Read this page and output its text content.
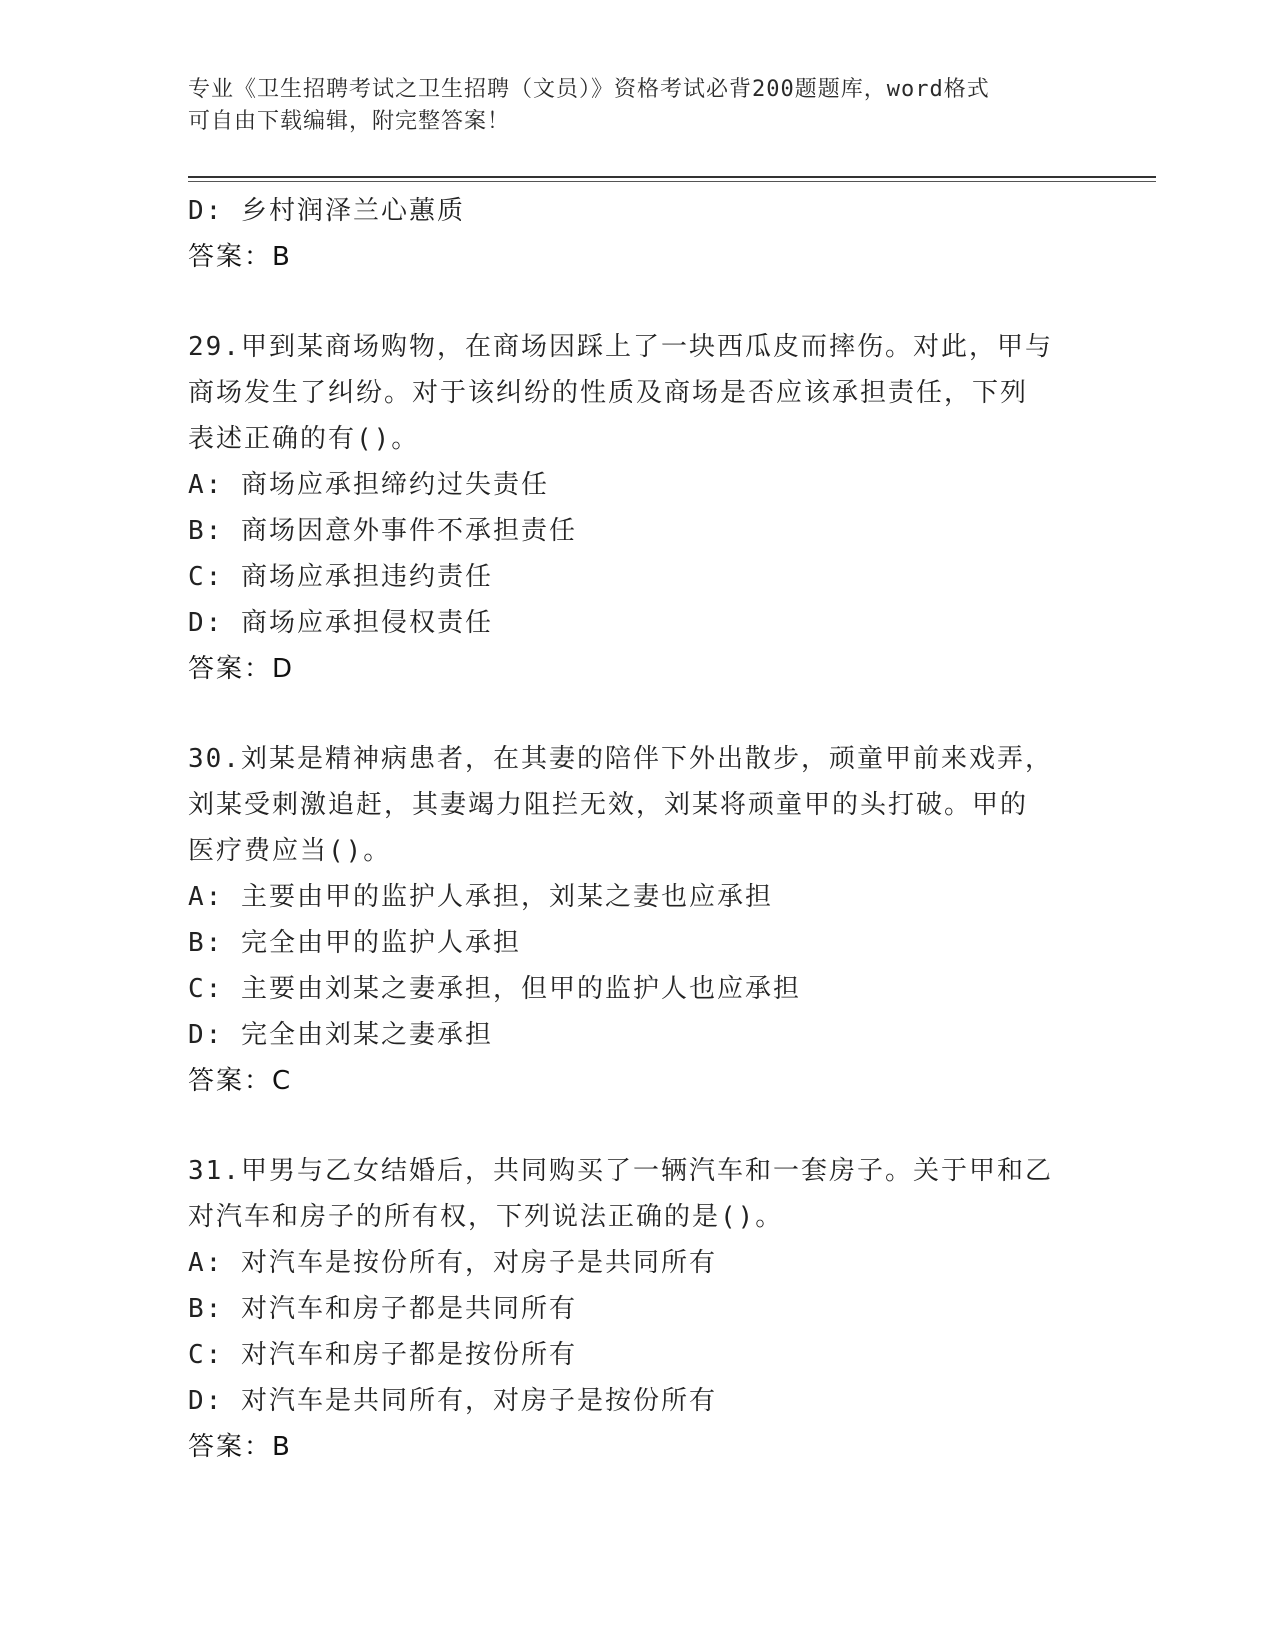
专业《卫生招聘考试之卫生招聘（文员）》资格考试必背200题题库，word格式
可自由下载编辑，附完整答案！
D: 乡村润泽兰心蕙质
答案：B
29.甲到某商场购物，在商场因踩上了一块西瓜皮而摔伤。对此，甲与
商场发生了纠纷。对于该纠纷的性质及商场是否应该承担责任，下列
表述正确的有()。
A: 商场应承担缔约过失责任
B: 商场因意外事件不承担责任
C: 商场应承担违约责任
D: 商场应承担侵权责任
答案：D
30.刘某是精神病患者，在其妻的陪伴下外出散步，顽童甲前来戏弄，
刘某受刺激追赶，其妻竭力阻拦无效，刘某将顽童甲的头打破。甲的
医疗费应当()。
A: 主要由甲的监护人承担，刘某之妻也应承担
B: 完全由甲的监护人承担
C: 主要由刘某之妻承担，但甲的监护人也应承担
D: 完全由刘某之妻承担
答案：C
31.甲男与乙女结婚后，共同购买了一辆汽车和一套房子。关于甲和乙
对汽车和房子的所有权，下列说法正确的是()。
A: 对汽车是按份所有，对房子是共同所有
B: 对汽车和房子都是共同所有
C: 对汽车和房子都是按份所有
D: 对汽车是共同所有，对房子是按份所有
答案：B
